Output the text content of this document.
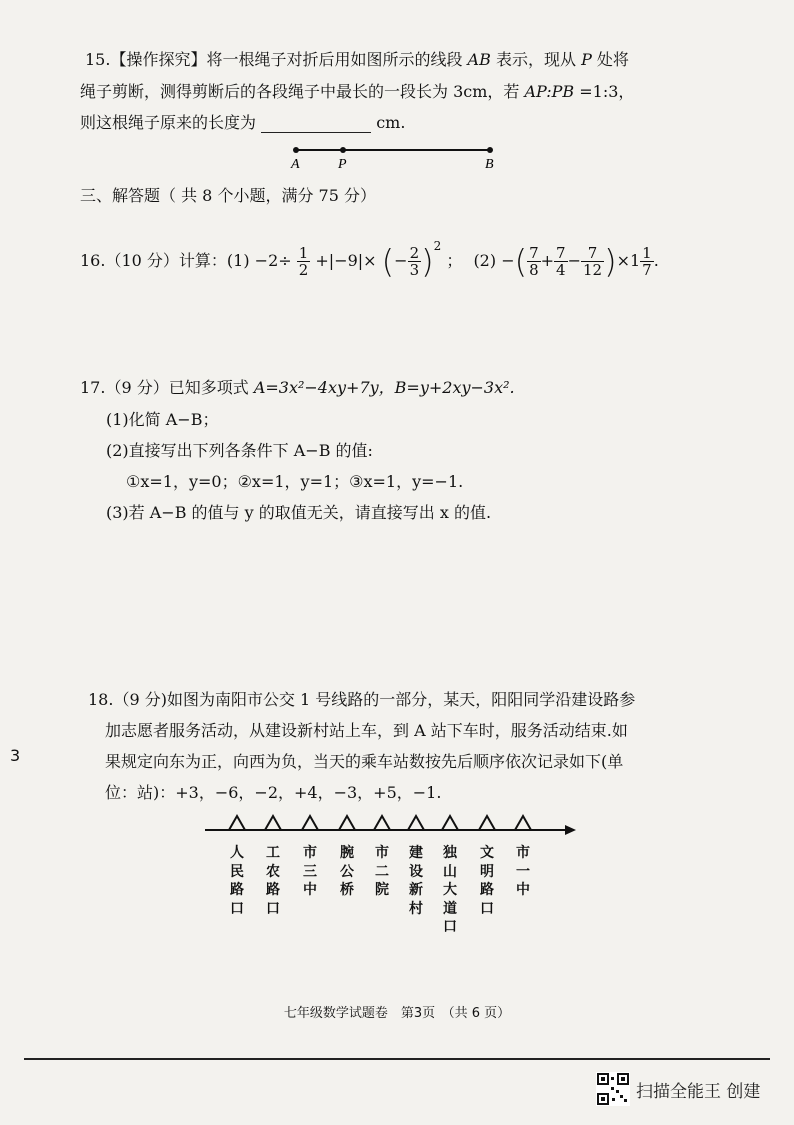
15.【操作探究】将一根绳子对折后用如图所示的线段 AB 表示，现从 P 处将
绳子剪断，测得剪断后的各段绳子中最长的一段长为 3cm，若 AP:PB =1:3，
则这根绳子原来的长度为	cm.
A	P	B
三、解答题（ 共 8 个小题，满分 75 分）
16.（10 分）计算：$(1) -2\div \frac{1}{2} +|-9|\times$ (− $\frac{2}{3} )^2$ ； (2) −( $\frac{7}{8} + \frac{7}{4} - \frac{7}{12} )\times 1 \frac{1}{7}$ .
17.（9 分）已知多项式 A=3x²−4xy+7y，B=y+2xy−3x².
(1)化简 A−B；
(2)直接写出下列各条件下 A−B 的值:
①x=1，y=0；②x=1，y=1；③x=1，y=−1.
(3)若 A−B 的值与 y 的取值无关，请直接写出 x 的值.
18.（9 分)如图为南阳市公交 1 号线路的一部分，某天，阳阳同学沿建设路参
加志愿者服务活动，从建设新村站上车，到 A 站下车时，服务活动结束.如
果规定向东为正，向西为负，当天的乘车站数按先后顺序依次记录如下(单
位：站)：+3，−6，−2，+4，−3，+5，−1.
3
人
民
路
口
工
农
路
口
市
三
中
腕
公
桥
市
二
院
建
设
新
村
独
山
大
道
口
文
明
路
口
市
一
中
七年级数学试题卷　第3页　（共 6 页）
扫描全能王 创建
